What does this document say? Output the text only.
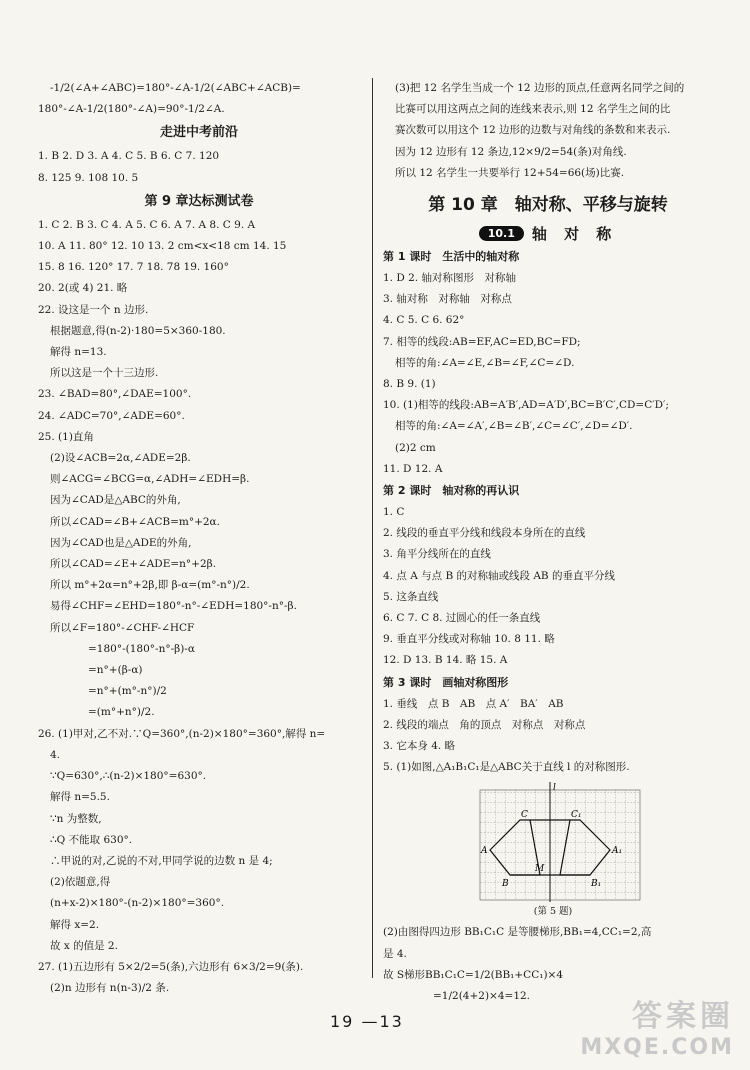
-1/2(∠A+∠ABC)=180°-∠A-1/2(∠ABC+∠ACB)=
180°-∠A-1/2(180°-∠A)=90°-1/2∠A.
走进中考前沿
1. B 2. D 3. A 4. C 5. B 6. C 7. 120
8. 125 9. 108 10. 5
第 9 章达标测试卷
1. C 2. B 3. C 4. A 5. C 6. A 7. A 8. C 9. A
10. A 11. 80° 12. 10 13. 2 cm<x<18 cm 14. 15
15. 8 16. 120° 17. 7 18. 78 19. 160°
20. 2(或 4) 21. 略
22. 设这是一个 n 边形.
根据题意,得(n-2)·180=5×360-180.
解得 n=13.
所以这是一个十三边形.
23. ∠BAD=80°,∠DAE=100°.
24. ∠ADC=70°,∠ADE=60°.
25. (1)直角
(2)设∠ACB=2α,∠ADE=2β.
则∠ACG=∠BCG=α,∠ADH=∠EDH=β.
因为∠CAD是△ABC的外角,
所以∠CAD=∠B+∠ACB=m°+2α.
因为∠CAD也是△ADE的外角,
所以∠CAD=∠E+∠ADE=n°+2β.
所以 m°+2α=n°+2β,即 β-α=(m°-n°)/2.
易得∠CHF=∠EHD=180°-n°-∠EDH=180°-n°-β.
所以∠F=180°-∠CHF-∠HCF
=180°-(180°-n°-β)-α
=n°+(β-α)
=n°+(m°-n°)/2
=(m°+n°)/2.
26. (1)甲对,乙不对.∵Q=360°,(n-2)×180°=360°,解得 n=
4.
∵Q=630°,∴(n-2)×180°=630°.
解得 n=5.5.
∵n 为整数,
∴Q 不能取 630°.
∴甲说的对,乙说的不对,甲同学说的边数 n 是 4;
(2)依题意,得
(n+x-2)×180°-(n-2)×180°=360°.
解得 x=2.
故 x 的值是 2.
27. (1)五边形有 5×2/2=5(条),六边形有 6×3/2=9(条).
(2)n 边形有 n(n-3)/2 条.
(3)把 12 名学生当成一个 12 边形的顶点,任意两名同学之间的
比赛可以用这两点之间的连线来表示,则 12 名学生之间的比
赛次数可以用这个 12 边形的边数与对角线的条数和来表示.
因为 12 边形有 12 条边,12×9/2=54(条)对角线.
所以 12 名学生一共要举行 12+54=66(场)比赛.
第 10 章　轴对称、平移与旋转
10.1	轴 对 称
第 1 课时　生活中的轴对称
1. D 2. 轴对称图形　对称轴
3. 轴对称　对称轴　对称点
4. C 5. C 6. 62°
7. 相等的线段:AB=EF,AC=ED,BC=FD;
相等的角:∠A=∠E,∠B=∠F,∠C=∠D.
8. B 9. (1)
10. (1)相等的线段:AB=A′B′,AD=A′D′,BC=B′C′,CD=C′D′;
相等的角:∠A=∠A′,∠B=∠B′,∠C=∠C′,∠D=∠D′.
(2)2 cm
11. D 12. A
第 2 课时　轴对称的再认识
1. C
2. 线段的垂直平分线和线段本身所在的直线
3. 角平分线所在的直线
4. 点 A 与点 B 的对称轴或线段 AB 的垂直平分线
5. 这条直线
6. C 7. C 8. 过圆心的任一条直线
9. 垂直平分线或对称轴 10. 8 11. 略
12. D 13. B 14. 略 15. A
第 3 课时　画轴对称图形
1. 垂线　点 B　AB　点 A′　BA′　AB
2. 线段的端点　角的顶点　对称点　对称点
3. 它本身 4. 略
5. (1)如图,△A₁B₁C₁是△ABC关于直线 l 的对称图形.
l
C	C₁
A	A₁
B
M
B₁
(第 5 题)
(2)由图得四边形 BB₁C₁C 是等腰梯形,BB₁=4,CC₁=2,高
是 4.
故 S梯形BB₁C₁C=1/2(BB₁+CC₁)×4
=1/2(4+2)×4=12.
19 —13	答案圈
MXQE.COM
